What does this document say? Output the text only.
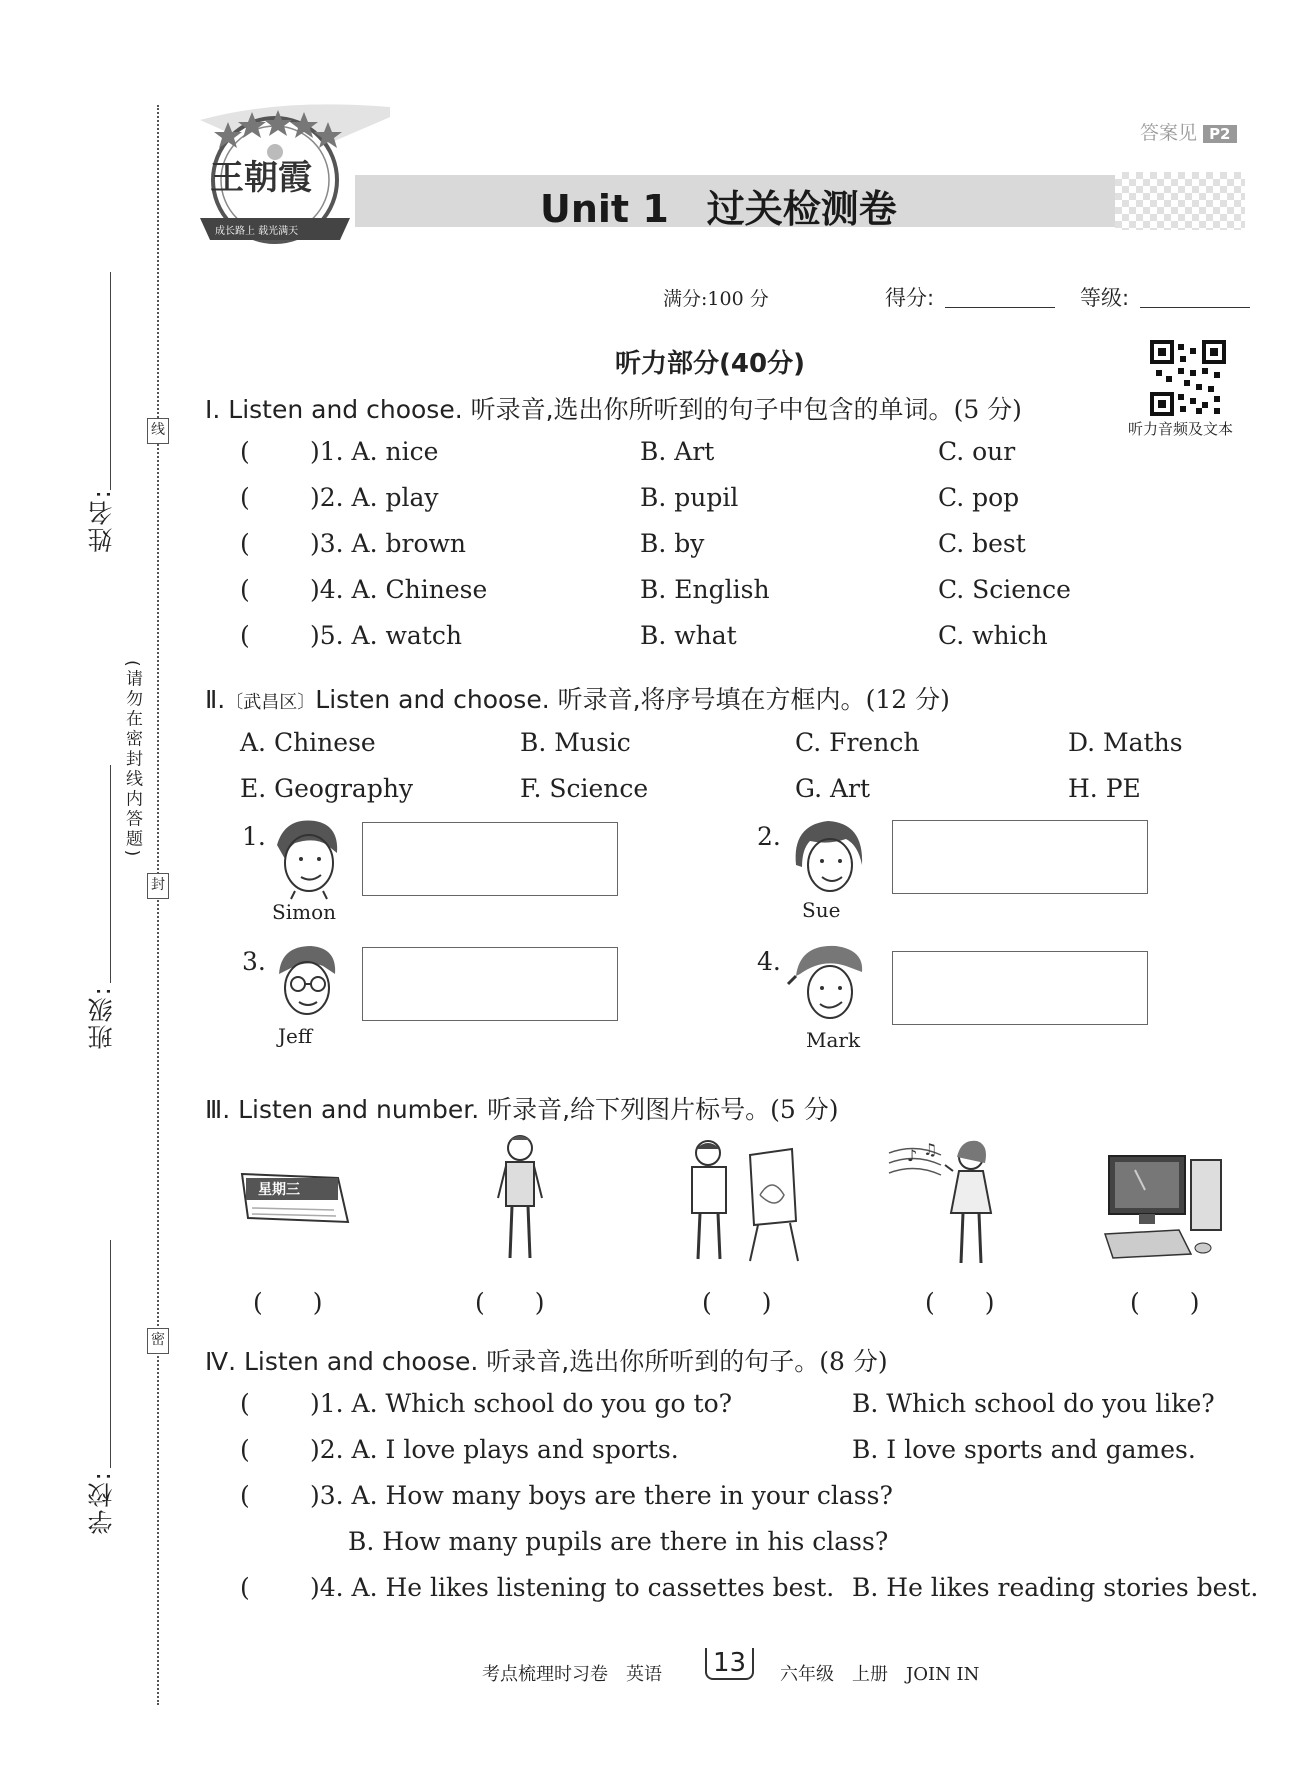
线
封
密
(请勿在密封线内答题)
姓名:
班级:
学校:
王朝霞
成长路上 载光满天
Unit 1　过关检测卷
答案见 P2
满分:100 分	得分:	等级:
听力部分(40分)
听力音频及文本
Ⅰ. Listen and choose. 听录音,选出你所听到的句子中包含的单词。(5 分)
( )1. A. nice	B. Art	C. our
( )2. A. play	B. pupil	C. pop
( )3. A. brown	B. by	C. best
( )4. A. Chinese	B. English	C. Science
( )5. A. watch	B. what	C. which
Ⅱ.〔武昌区〕Listen and choose. 听录音,将序号填在方框内。(12 分)
A. Chinese	B. Music	C. French	D. Maths
E. Geography	F. Science	G. Art	H. PE
1.
Simon
2.
Sue
3.
Jeff
4.
Mark
Ⅲ. Listen and number. 听录音,给下列图片标号。(5 分)
星期三
♪ ♫
(　　)	(　　)	(　　)	(　　)	(　　)
Ⅳ. Listen and choose. 听录音,选出你所听到的句子。(8 分)
( )1. A. Which school do you go to?	B. Which school do you like?
( )2. A. I love plays and sports.	B. I love sports and games.
( )3. A. How many boys are there in your class?
B. How many pupils are there in his class?
( )4. A. He likes listening to cassettes best. B. He likes reading stories best.
考点梳理时习卷　英语	13	六年级　上册　JOIN IN
